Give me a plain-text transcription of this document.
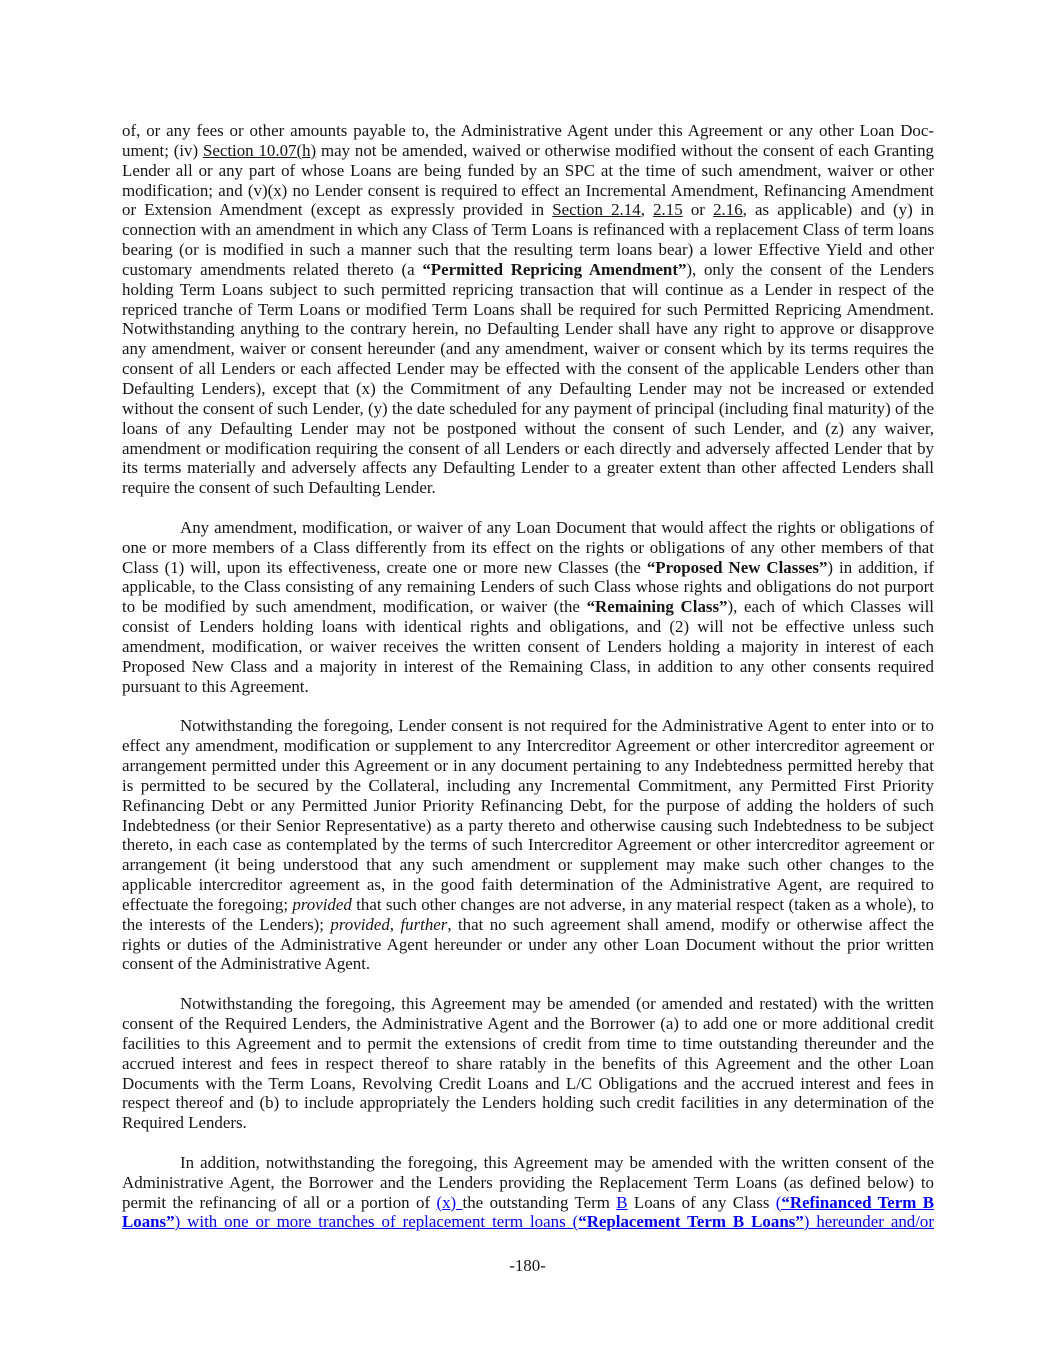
of, or any fees or other amounts payable to, the Administrative Agent under this Agreement or any other Loan Document; (iv) Section 10.07(h) may not be amended, waived or otherwise modified without the consent of each Granting Lender all or any part of whose Loans are being funded by an SPC at the time of such amendment, waiver or other modification; and (v)(x) no Lender consent is required to effect an Incremental Amendment, Refinancing Amendment or Extension Amendment (except as expressly provided in Section 2.14, 2.15 or 2.16, as applicable) and (y) in connection with an amendment in which any Class of Term Loans is refinanced with a replacement Class of term loans bearing (or is modified in such a manner such that the resulting term loans bear) a lower Effective Yield and other customary amendments related thereto (a “Permitted Repricing Amendment”), only the consent of the Lenders holding Term Loans subject to such permitted repricing transaction that will continue as a Lender in respect of the repriced tranche of Term Loans or modified Term Loans shall be required for such Permitted Repricing Amendment. Notwithstanding anything to the contrary herein, no Defaulting Lender shall have any right to approve or disapprove any amendment, waiver or consent hereunder (and any amendment, waiver or consent which by its terms requires the consent of all Lenders or each affected Lender may be effected with the consent of the applicable Lenders other than Defaulting Lenders), except that (x) the Commitment of any Defaulting Lender may not be increased or extended without the consent of such Lender, (y) the date scheduled for any payment of principal (including final maturity) of the loans of any Defaulting Lender may not be postponed without the consent of such Lender, and (z) any waiver, amendment or modification requiring the consent of all Lenders or each directly and adversely affected Lender that by its terms materially and adversely affects any Defaulting Lender to a greater extent than other affected Lenders shall require the consent of such Defaulting Lender.

Any amendment, modification, or waiver of any Loan Document that would affect the rights or obligations of one or more members of a Class differently from its effect on the rights or obligations of any other members of that Class (1) will, upon its effectiveness, create one or more new Classes (the “Proposed New Classes”) in addition, if applicable, to the Class consisting of any remaining Lenders of such Class whose rights and obligations do not purport to be modified by such amendment, modification, or waiver (the “Remaining Class”), each of which Classes will consist of Lenders holding loans with identical rights and obligations, and (2) will not be effective unless such amendment, modification, or waiver receives the written consent of Lenders holding a majority in interest of each Proposed New Class and a majority in interest of the Remaining Class, in addition to any other consents required pursuant to this Agreement.

Notwithstanding the foregoing, Lender consent is not required for the Administrative Agent to enter into or to effect any amendment, modification or supplement to any Intercreditor Agreement or other intercreditor agreement or arrangement permitted under this Agreement or in any document pertaining to any Indebtedness permitted hereby that is permitted to be secured by the Collateral, including any Incremental Commitment, any Permitted First Priority Refinancing Debt or any Permitted Junior Priority Refinancing Debt, for the purpose of adding the holders of such Indebtedness (or their Senior Representative) as a party thereto and otherwise causing such Indebtedness to be subject thereto, in each case as contemplated by the terms of such Intercreditor Agreement or other intercreditor agreement or arrangement (it being understood that any such amendment or supplement may make such other changes to the applicable intercreditor agreement as, in the good faith determination of the Administrative Agent, are required to effectuate the foregoing; provided that such other changes are not adverse, in any material respect (taken as a whole), to the interests of the Lenders); provided, further, that no such agreement shall amend, modify or otherwise affect the rights or duties of the Administrative Agent hereunder or under any other Loan Document without the prior written consent of the Administrative Agent.

Notwithstanding the foregoing, this Agreement may be amended (or amended and restated) with the written consent of the Required Lenders, the Administrative Agent and the Borrower (a) to add one or more additional credit facilities to this Agreement and to permit the extensions of credit from time to time outstanding thereunder and the accrued interest and fees in respect thereof to share ratably in the benefits of this Agreement and the other Loan Documents with the Term Loans, Revolving Credit Loans and L/C Obligations and the accrued interest and fees in respect thereof and (b) to include appropriately the Lenders holding such credit facilities in any determination of the Required Lenders.

In addition, notwithstanding the foregoing, this Agreement may be amended with the written consent of the Administrative Agent, the Borrower and the Lenders providing the Replacement Term Loans (as defined below) to permit the refinancing of all or a portion of (x) the outstanding Term B Loans of any Class (“Refinanced Term B Loans”) with one or more tranches of replacement term loans (“Replacement Term B Loans”) hereunder and/or

-180-
